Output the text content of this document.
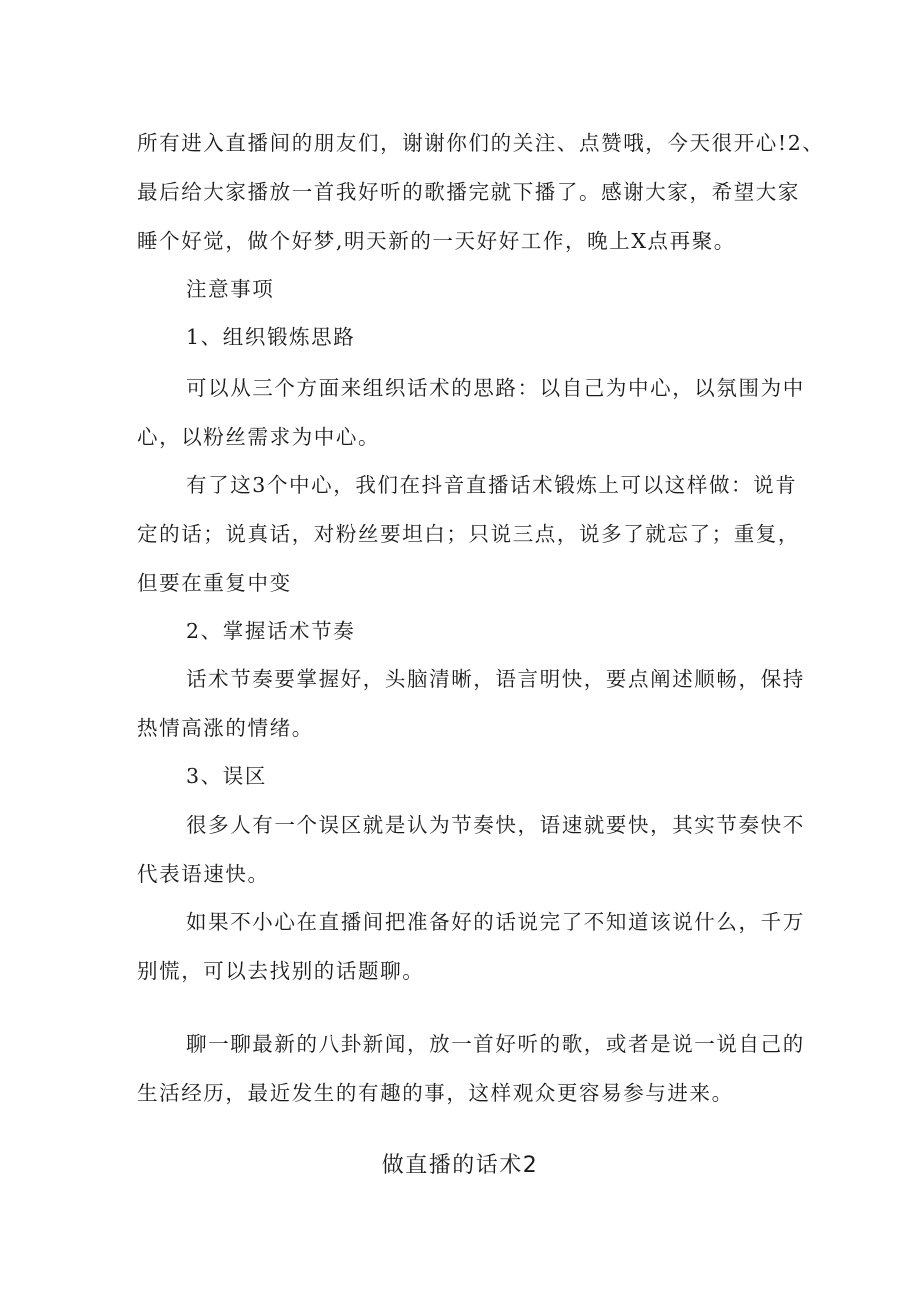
所有进入直播间的朋友们，谢谢你们的关注、点赞哦，今天很开心!2、
最后给大家播放一首我好听的歌播完就下播了。感谢大家，希望大家
睡个好觉，做个好梦,明天新的一天好好工作，晚上X点再聚。
注意事项
1、组织锻炼思路
可以从三个方面来组织话术的思路：以自己为中心，以氛围为中
心，以粉丝需求为中心。
有了这3个中心，我们在抖音直播话术锻炼上可以这样做：说肯
定的话；说真话，对粉丝要坦白；只说三点，说多了就忘了；重复，
但要在重复中变
2、掌握话术节奏
话术节奏要掌握好，头脑清晰，语言明快，要点阐述顺畅，保持
热情高涨的情绪。
3、误区
很多人有一个误区就是认为节奏快，语速就要快，其实节奏快不
代表语速快。
如果不小心在直播间把准备好的话说完了不知道该说什么，千万
别慌，可以去找别的话题聊。
聊一聊最新的八卦新闻，放一首好听的歌，或者是说一说自己的
生活经历，最近发生的有趣的事，这样观众更容易参与进来。
做直播的话术2
